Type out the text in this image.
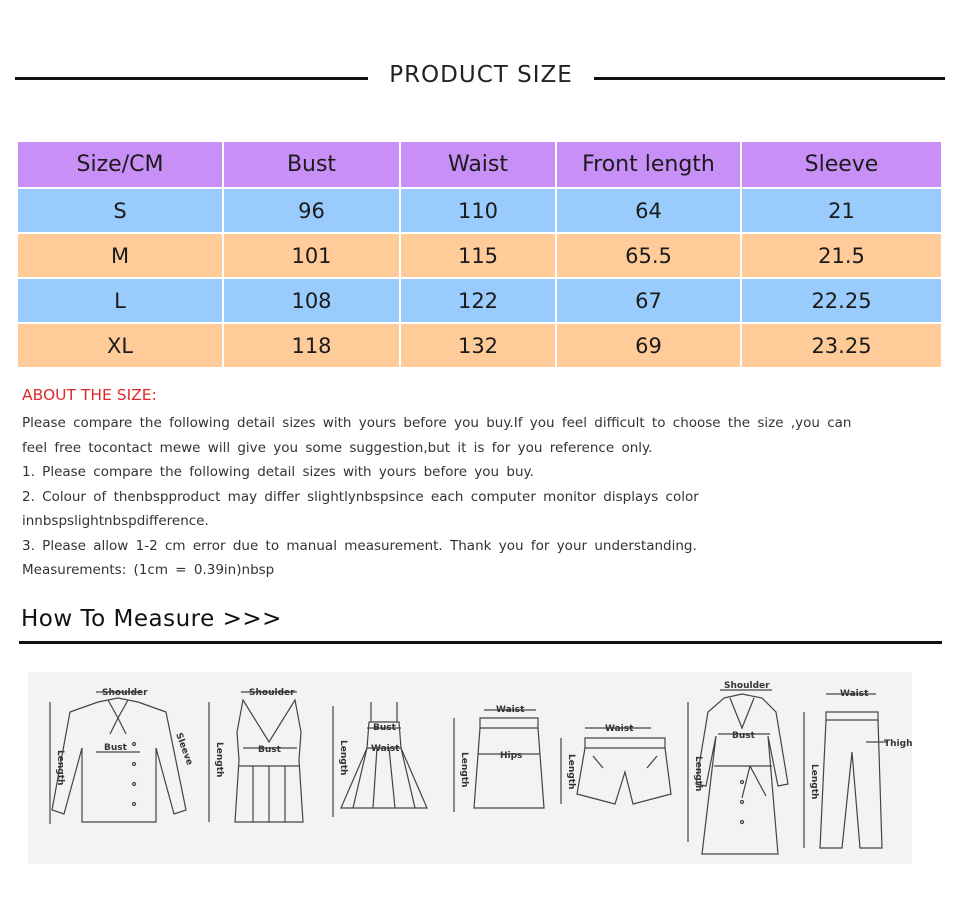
PRODUCT SIZE
Size/CM	Bust	Waist	Front length	Sleeve
S	96	110	64	21
M	101	115	65.5	21.5
L	108	122	67	22.25
XL	118	132	69	23.25
ABOUT THE SIZE:
Please compare the following detail sizes with yours before you buy.If you feel difficult to choose the size ,you can
feel free tocontact mewe will give you some suggestion,but it is for you reference only.
1. Please compare the following detail sizes with yours before you buy.
2. Colour of thenbspproduct may differ slightlynbspsince each computer monitor displays color
innbspslightnbspdifference.
3. Please allow 1-2 cm error due to manual measurement. Thank you for your understanding.
Measurements: (1cm = 0.39in)nbsp
How To Measure >>>
Shoulder
Length
Bust	Sleeve
Shoulder
Length	Bust	Length
Bust
Waist
Waist
Length	Hips
Waist
Length
Shoulder
Length
Bust
Waist
Length
Thigh
